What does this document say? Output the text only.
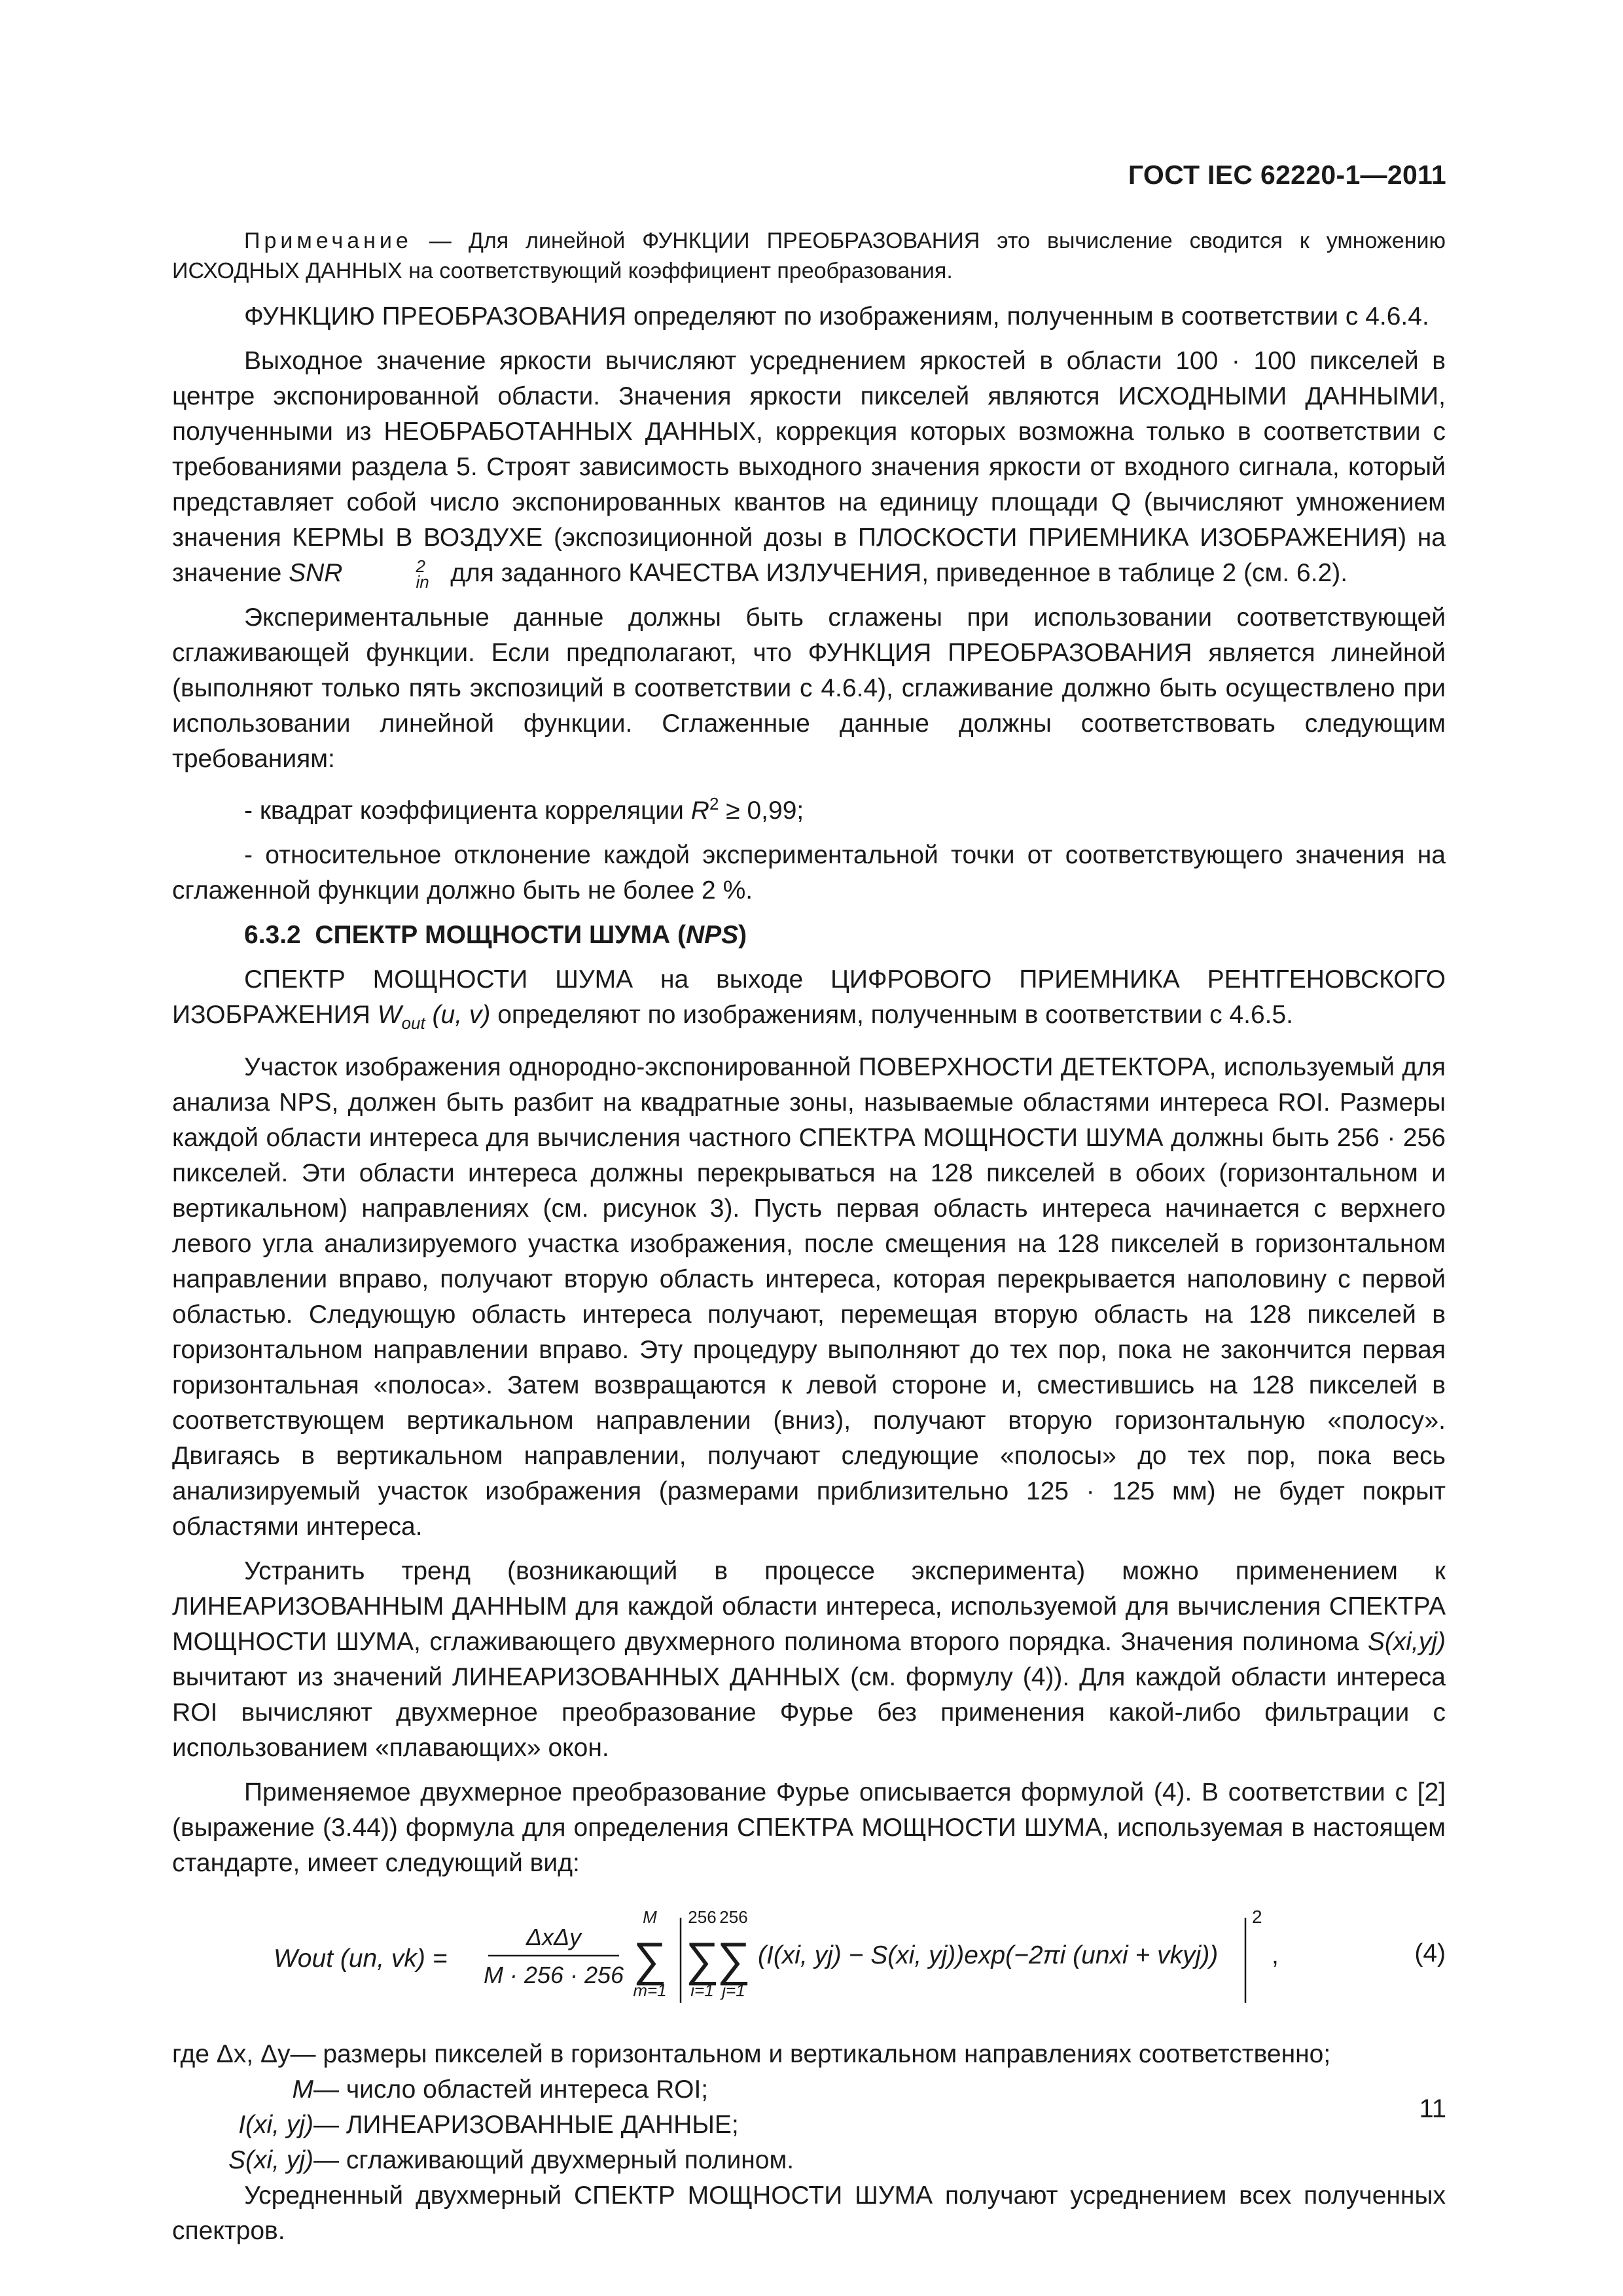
ГОСТ IEC 62220-1—2011

Примечание — Для линейной ФУНКЦИИ ПРЕОБРАЗОВАНИЯ это вычисление сводится к умножению ИСХОДНЫХ ДАННЫХ на соответствующий коэффициент преобразования.

ФУНКЦИЮ ПРЕОБРАЗОВАНИЯ определяют по изображениям, полученным в соответствии с 4.6.4.

Выходное значение яркости вычисляют усреднением яркостей в области 100 · 100 пикселей в центре экспонированной области. Значения яркости пикселей являются ИСХОДНЫМИ ДАННЫМИ, полученными из НЕОБРАБОТАННЫХ ДАННЫХ, коррекция которых возможна только в соответствии с требованиями раздела 5. Строят зависимость выходного значения яркости от входного сигнала, который представляет собой число экспонированных квантов на единицу площади Q (вычисляют умножением значения КЕРМЫ В ВОЗДУХЕ (экспозиционной дозы в ПЛОСКОСТИ ПРИЕМНИКА ИЗОБРАЖЕНИЯ) на значение SNR	2
in для заданного КАЧЕСТВА ИЗЛУЧЕНИЯ, приведенное в таблице 2 (см. 6.2).

Экспериментальные данные должны быть сглажены при использовании соответствующей сглаживающей функции. Если предполагают, что ФУНКЦИЯ ПРЕОБРАЗОВАНИЯ является линейной (выполняют только пять экспозиций в соответствии с 4.6.4), сглаживание должно быть осуществлено при использовании линейной функции. Сглаженные данные должны соответствовать следующим требованиям:

- квадрат коэффициента корреляции $R^2 \ge 0,99$;

- относительное отклонение каждой экспериментальной точки от соответствующего значения на сглаженной функции должно быть не более 2 %.

6.3.2 СПЕКТР МОЩНОСТИ ШУМА (NPS)

СПЕКТР МОЩНОСТИ ШУМА на выходе ЦИФРОВОГО ПРИЕМНИКА РЕНТГЕНОВСКОГО ИЗОБРАЖЕНИЯ $W_{out}$ (u, v) определяют по изображениям, полученным в соответствии с 4.6.5.

Участок изображения однородно-экспонированной ПОВЕРХНОСТИ ДЕТЕКТОРА, используемый для анализа NPS, должен быть разбит на квадратные зоны, называемые областями интереса ROI. Размеры каждой области интереса для вычисления частного СПЕКТРА МОЩНОСТИ ШУМА должны быть 256 · 256 пикселей. Эти области интереса должны перекрываться на 128 пикселей в обоих (горизонтальном и вертикальном) направлениях (см. рисунок 3). Пусть первая область интереса начинается с верхнего левого угла анализируемого участка изображения, после смещения на 128 пикселей в горизонтальном направлении вправо, получают вторую область интереса, которая перекрывается наполовину с первой областью. Следующую область интереса получают, перемещая вторую область на 128 пикселей в горизонтальном направлении вправо. Эту процедуру выполняют до тех пор, пока не закончится первая горизонтальная «полоса». Затем возвращаются к левой стороне и, сместившись на 128 пикселей в соответствующем вертикальном направлении (вниз), получают вторую горизонтальную «полосу». Двигаясь в вертикальном направлении, получают следующие «полосы» до тех пор, пока весь анализируемый участок изображения (размерами приблизительно 125 · 125 мм) не будет покрыт областями интереса.

Устранить тренд (возникающий в процессе эксперимента) можно применением к ЛИНЕАРИЗОВАННЫМ ДАННЫМ для каждой области интереса, используемой для вычисления СПЕКТРА МОЩНОСТИ ШУМА, сглаживающего двухмерного полинома второго порядка. Значения полинома S(xi,yj) вычитают из значений ЛИНЕАРИЗОВАННЫХ ДАННЫХ (см. формулу (4)). Для каждой области интереса ROI вычисляют двухмерное преобразование Фурье без применения какой-либо фильтрации с использованием «плавающих» окон.

Применяемое двухмерное преобразование Фурье описывается формулой (4). В соответствии с [2] (выражение (3.44)) формула для определения СПЕКТРА МОЩНОСТИ ШУМА, используемая в настоящем стандарте, имеет следующий вид:

Wout (un, vk) =
ΔxΔy
M · 256 · 256
M
∑
m=1
256
∑
i=1
256
∑
j=1
(I(xi, yj) − S(xi, yj))exp(−2πi (unxi + vkyj))
2
,	(4)
где Δx, Δy — размеры пикселей в горизонтальном и вертикальном направлениях соответственно;
M — число областей интереса ROI;
I(xi, yj) — ЛИНЕАРИЗОВАННЫЕ ДАННЫЕ;
S(xi, yj) — сглаживающий двухмерный полином.

Усредненный двухмерный СПЕКТР МОЩНОСТИ ШУМА получают усреднением всех полученных спектров.

11
